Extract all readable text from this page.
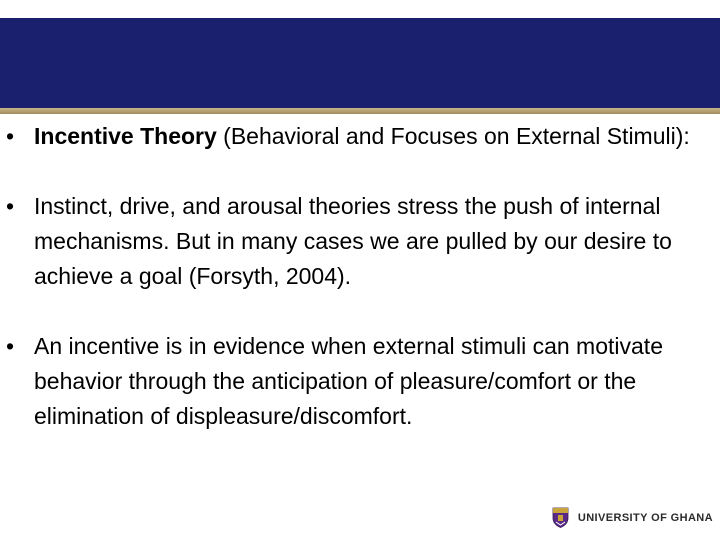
• Incentive Theory (Behavioral and Focuses on External Stimuli):
• Instinct, drive, and arousal theories stress the push of internal mechanisms. But in many cases we are pulled by our desire to achieve a goal (Forsyth, 2004).
• An incentive is in evidence when external stimuli can motivate behavior through the anticipation of pleasure/comfort or the elimination of displeasure/discomfort.
UNIVERSITY OF GHANA
